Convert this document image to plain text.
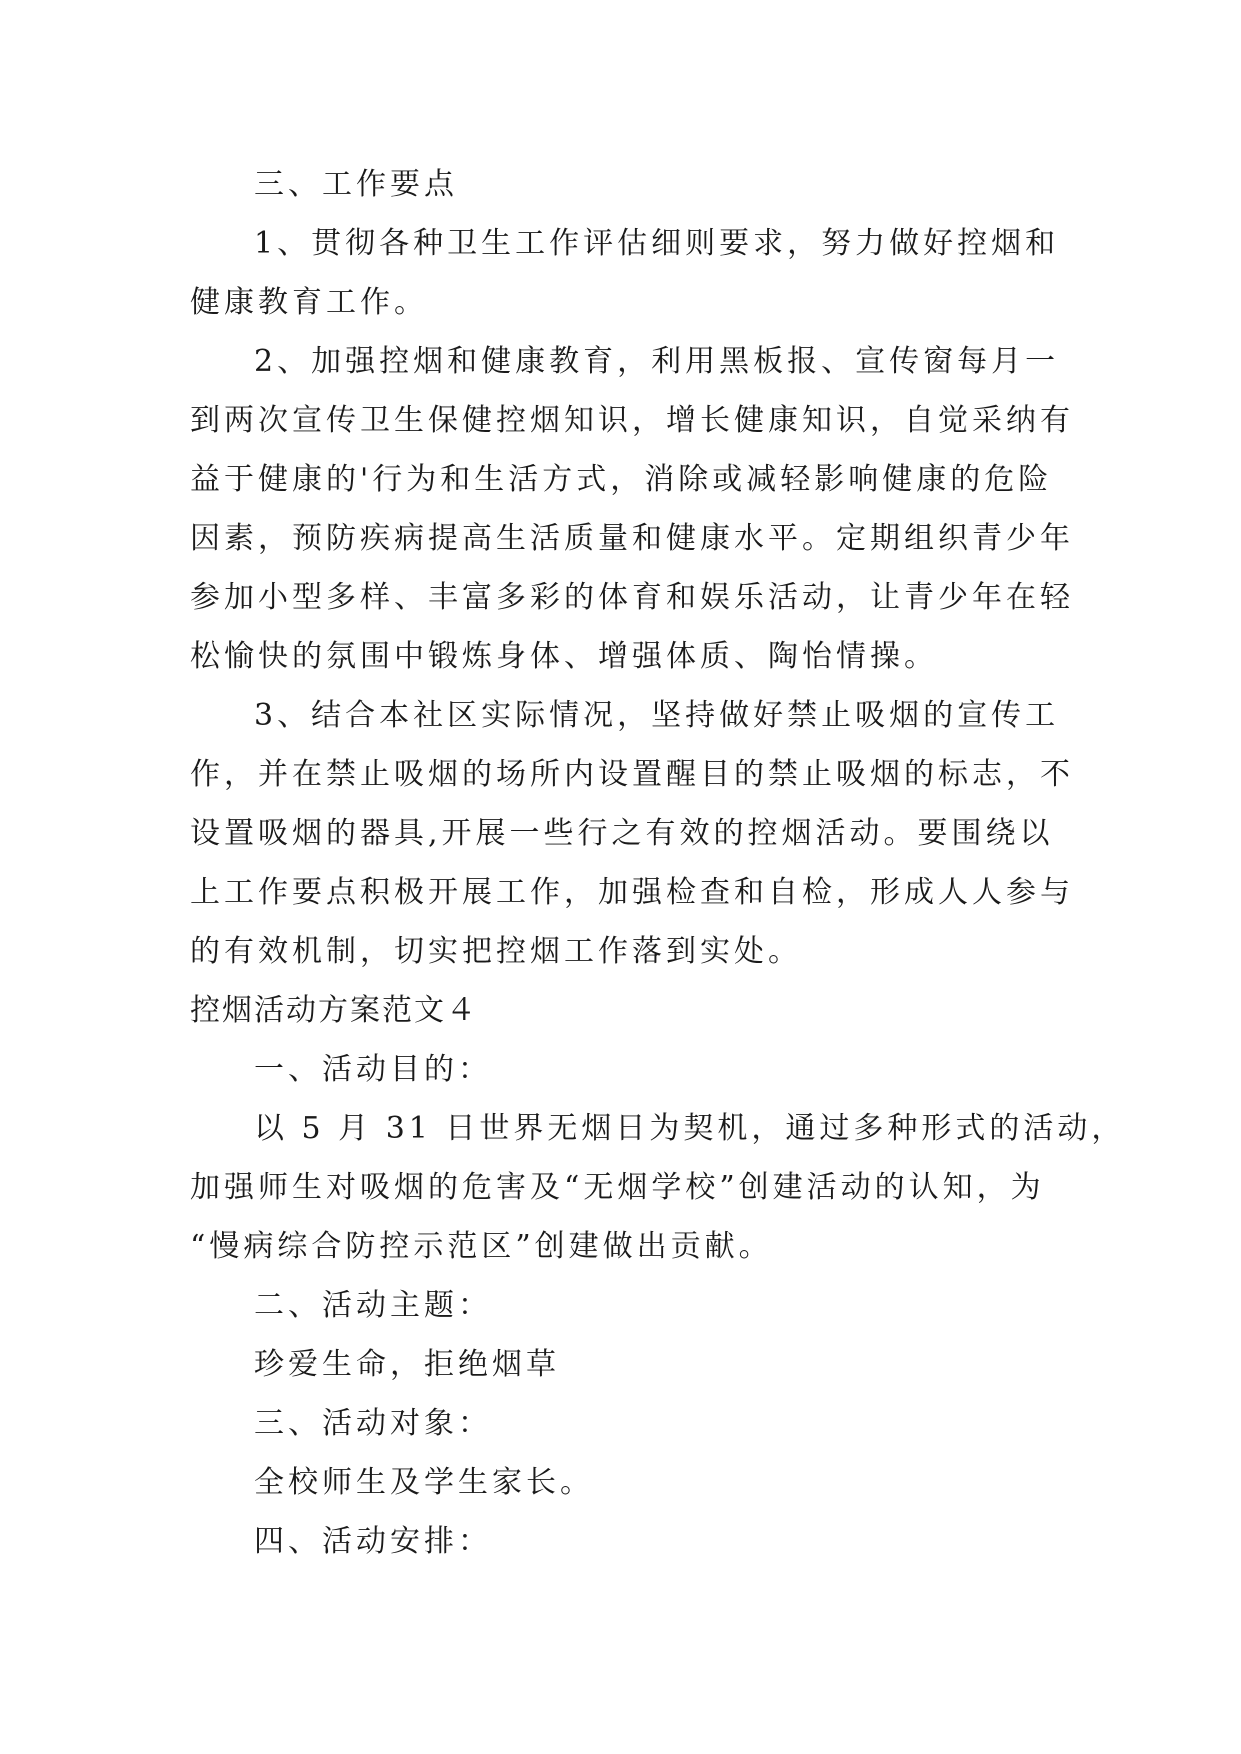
三、工作要点
1、贯彻各种卫生工作评估细则要求，努力做好控烟和
健康教育工作。
2、加强控烟和健康教育，利用黑板报、宣传窗每月一
到两次宣传卫生保健控烟知识，增长健康知识，自觉采纳有
益于健康的'行为和生活方式，消除或减轻影响健康的危险
因素，预防疾病提高生活质量和健康水平。定期组织青少年
参加小型多样、丰富多彩的体育和娱乐活动，让青少年在轻
松愉快的氛围中锻炼身体、增强体质、陶怡情操。
3、结合本社区实际情况，坚持做好禁止吸烟的宣传工
作，并在禁止吸烟的场所内设置醒目的禁止吸烟的标志，不
设置吸烟的器具,开展一些行之有效的控烟活动。要围绕以
上工作要点积极开展工作，加强检查和自检，形成人人参与
的有效机制，切实把控烟工作落到实处。
控烟活动方案范文４
一、活动目的：
以 5 月 31 日世界无烟日为契机，通过多种形式的活动，
加强师生对吸烟的危害及“无烟学校”创建活动的认知，为
“慢病综合防控示范区”创建做出贡献。
二、活动主题：
珍爱生命，拒绝烟草
三、活动对象：
全校师生及学生家长。
四、活动安排：
